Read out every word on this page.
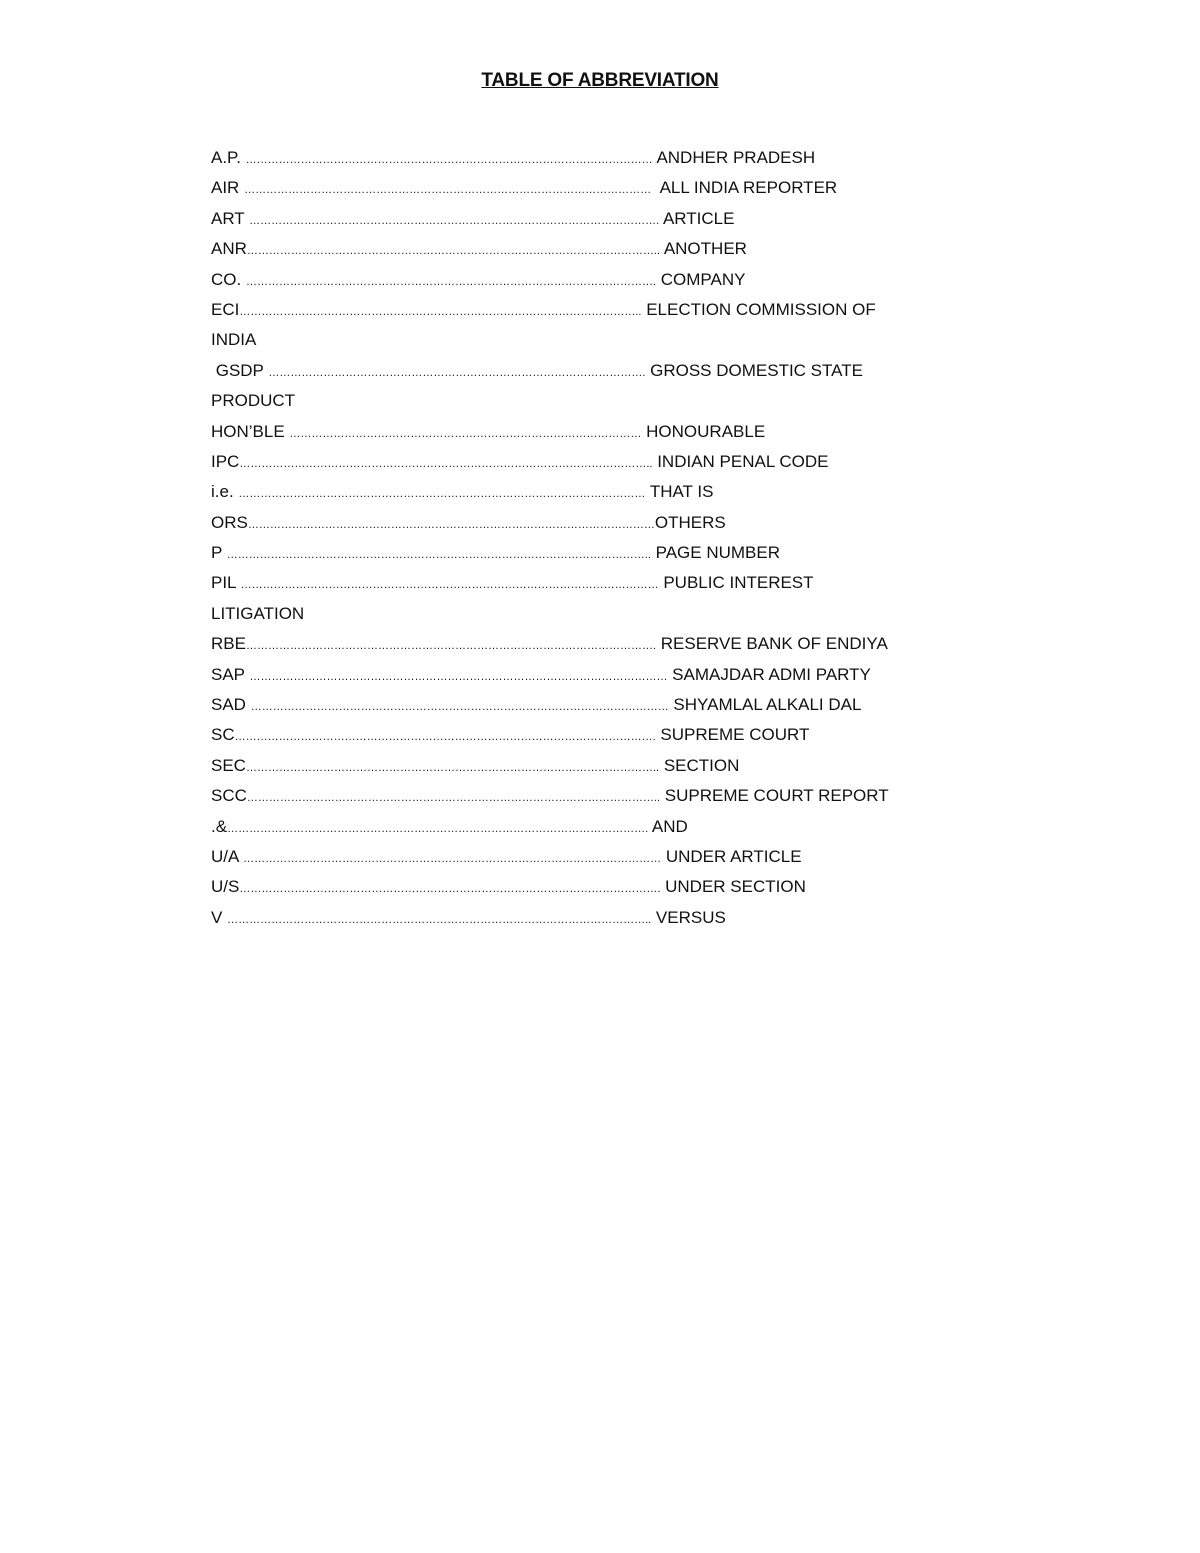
TABLE OF ABBREVIATION
A.P. ………………………………………………………………………………………………… ANDHER PRADESH
AIR …………………………………………………………………………………………………  ALL INDIA REPORTER
ART …………………………………………………………………………………………………. ARTICLE
ANR………………………………………………………………………………………………….. ANOTHER
CO. …………………………………………………………………………………………………. COMPANY
ECI……………………………………………………………………………………………….. ELECTION COMMISSION OF
INDIA
GSDP …………………………………………………………………………………………. GROSS DOMESTIC STATE
PRODUCT
HON’BLE …………………………………………………………………………………… HONOURABLE
IPC………………………………………………………………………………………………….. INDIAN PENAL CODE
i.e. ………………………………………………………………………………………………… THAT IS
ORS…………………………………………………………………………………………………OTHERS
P …………………………………………………………………………………………………….. PAGE NUMBER
PIL …………………………………………………………………………………………………… PUBLIC INTEREST
LITIGATION
RBE…………………………………………………………………………………………………. RESERVE BANK OF ENDIYA
SAP …………………………………………………………………………………………………… SAMAJDAR ADMI PARTY
SAD …………………………………………………………………………………………………… SHYAMLAL ALKALI DAL
SC……………………………………………………………………………………………………. SUPREME COURT
SEC………………………………………………………………………………………………….. SECTION
SCC………………………………………………………………………………………………….. SUPREME COURT REPORT
.&……………………………………………………………………………………………………. AND
U/A …………………………………………………………………………………………………… UNDER ARTICLE
U/S……………………………………………………………………………………………………. UNDER SECTION
V …………………………………………………………………………………………………….. VERSUS
